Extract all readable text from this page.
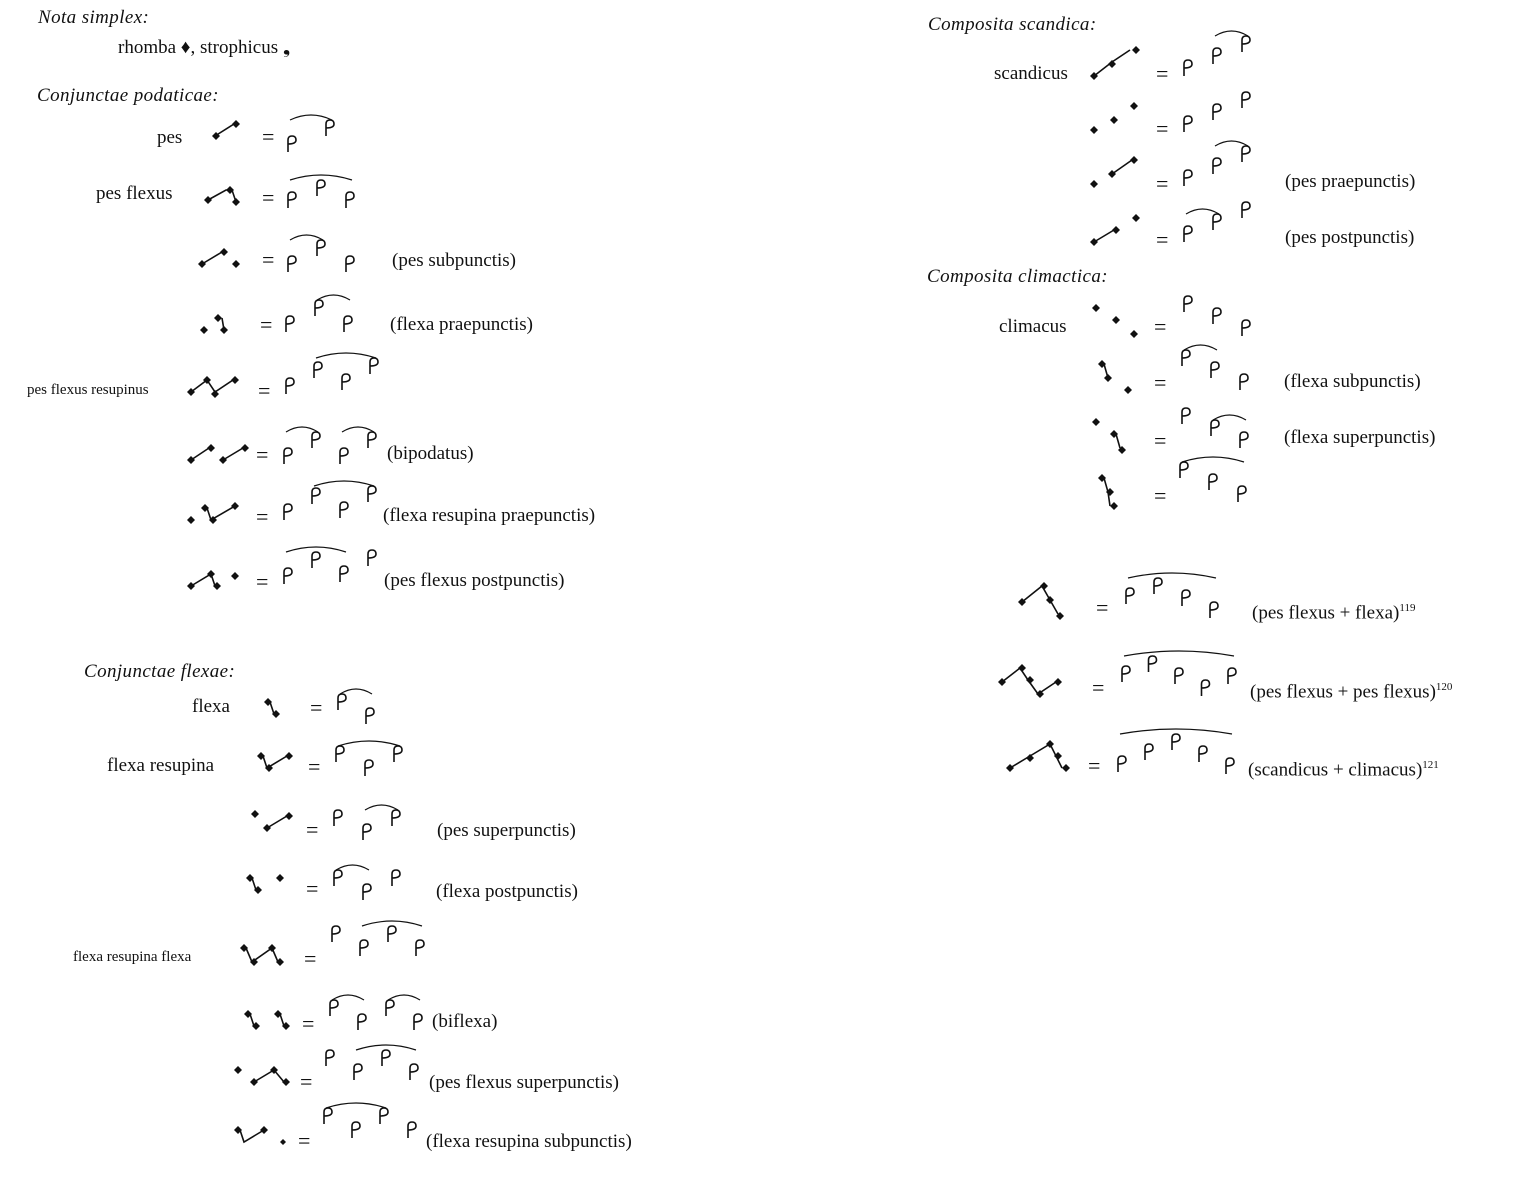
Nota simplex:
rhomba ♦, strophicus ❟
Conjunctae podaticae:
pes
pes flexus
(pes subpunctis)
(flexa praepunctis)
pes flexus resupinus
(bipodatus)
(flexa resupina praepunctis)
(pes flexus postpunctis)
Conjunctae flexae:
flexa
flexa resupina
(pes superpunctis)
(flexa postpunctis)
flexa resupina flexa
(biflexa)
(pes flexus superpunctis)
(flexa resupina subpunctis)
Composita scandica:
scandicus
(pes praepunctis)
(pes postpunctis)
Composita climactica:
climacus
(flexa subpunctis)
(flexa superpunctis)
(pes flexus + flexa)$^{119}$
(pes flexus + pes flexus)$^{120}$
(scandicus + climacus)$^{121}$
=
=
=
=
=
=
=
=
=
=
=
=
=
=
=
=
=
=
=
=
=
=
=
=
=
=
=
